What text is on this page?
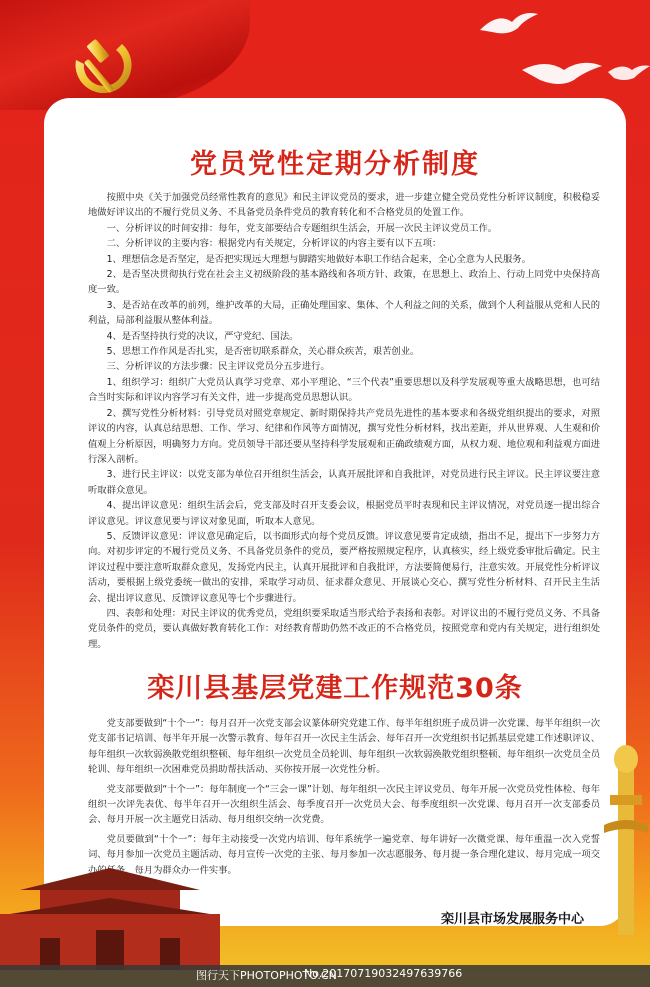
党员党性定期分析制度

按照中央《关于加强党员经常性教育的意见》和民主评议党员的要求，进一步建立健全党员党性分析评议制度，积极稳妥地做好评议出的不履行党员义务、不具备党员条件党员的教育转化和不合格党员的处置工作。

一、分析评议的时间安排：每年，党支部要结合专题组织生活会，开展一次民主评议党员工作。

二、分析评议的主要内容：根据党内有关规定，分析评议的内容主要有以下五项：

1、理想信念是否坚定，是否把实现远大理想与脚踏实地做好本职工作结合起来，全心全意为人民服务。

2、是否坚决贯彻执行党在社会主义初级阶段的基本路线和各项方针、政策，在思想上、政治上、行动上同党中央保持高度一致。

3、是否站在改革的前列，维护改革的大局，正确处理国家、集体、个人利益之间的关系，做到个人利益服从党和人民的利益，局部利益服从整体利益。

4、是否坚持执行党的决议，严守党纪、国法。

5、思想工作作风是否扎实，是否密切联系群众，关心群众疾苦，艰苦创业。

三、分析评议的方法步骤：民主评议党员分五步进行。

1、组织学习：组织广大党员认真学习党章、邓小平理论、“三个代表”重要思想以及科学发展观等重大战略思想，也可结合当时实际和评议内容学习有关文件，进一步提高党员思想认识。

2、撰写党性分析材料：引导党员对照党章规定、新时期保持共产党员先进性的基本要求和各级党组织提出的要求，对照评议的内容，认真总结思想、工作、学习、纪律和作风等方面情况，撰写党性分析材料，找出差距，并从世界观、人生观和价值观上分析原因，明确努力方向。党员领导干部还要从坚持科学发展观和正确政绩观方面，从权力观、地位观和利益观方面进行深入剖析。

3、进行民主评议：以党支部为单位召开组织生活会，认真开展批评和自我批评，对党员进行民主评议。民主评议要注意听取群众意见。

4、提出评议意见：组织生活会后，党支部及时召开支委会议，根据党员平时表现和民主评议情况，对党员逐一提出综合评议意见。评议意见要与评议对象见面，听取本人意见。

5、反馈评议意见：评议意见确定后，以书面形式向每个党员反馈。评议意见要肯定成绩，指出不足，提出下一步努力方向。对初步评定的不履行党员义务、不具备党员条件的党员，要严格按照规定程序，认真核实，经上级党委审批后确定。民主评议过程中要注意听取群众意见，发扬党内民主，认真开展批评和自我批评，方法要简便易行，注意实效。开展党性分析评议活动，要根据上级党委统一做出的安排，采取学习动员、征求群众意见、开展谈心交心、撰写党性分析材料、召开民主生活会、提出评议意见、反馈评议意见等七个步骤进行。

四、表彰和处理：对民主评议的优秀党员，党组织要采取适当形式给予表扬和表彰。对评议出的不履行党员义务、不具备党员条件的党员，要认真做好教育转化工作：对经教育帮助仍然不改正的不合格党员，按照党章和党内有关规定，进行组织处理。

栾川县基层党建工作规范30条

党支部要做到“十个一”：每月召开一次党支部会议篆体研究党建工作、每半年组织班子成员讲一次党课、每半年组织一次党支部书记培训、每半年开展一次警示教育、每年召开一次民主生活会、每年召开一次党组织书记抓基层党建工作述职评议、每年组织一次软弱涣散党组织整顿、每年组织一次党员全员轮训、每年组织一次软弱涣散党组织整顿、每年组织一次党员全员轮训、每年组织一次困难党员捐助帮扶活动、买你按开展一次党性分析。

党支部要做到“十个一”：每年制度一个“三会一课”计划、每年组织一次民主评议党员、每年开展一次党员党性体检、每年组织一次评先表优、每半年召开一次组织生活会、每季度召开一次党员大会、每季度组织一次党课、每月召开一次支部委员会、每月开展一次主题党日活动、每月组织交纳一次党费。

党员要做到“十个一”：每年主动接受一次党内培训、每年系统学一遍党章、每年讲好一次微党课、每年重温一次入党誓词、每月参加一次党员主题活动、每月宣传一次党的主张、每月参加一次志愿服务、每月提一条合理化建议、每月完成一项交办的任务、每月为群众办一件实事。

栾川县市场发展服务中心
图行天下PHOTOPHOTO.CN
No.20170719032497639766
